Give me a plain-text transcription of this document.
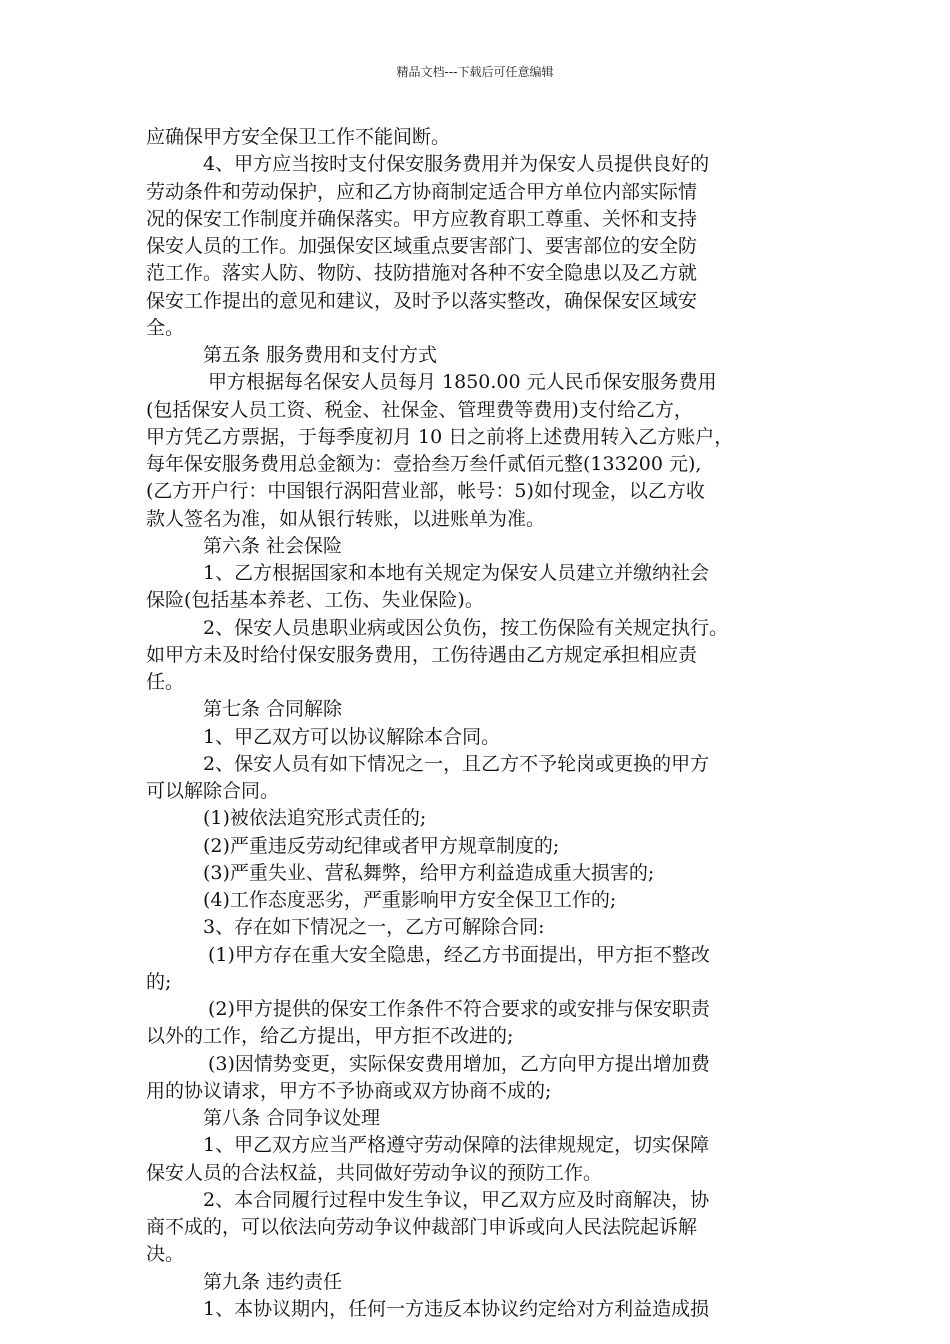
精品文档---下载后可任意编辑
应确保甲方安全保卫工作不能间断。
4、甲方应当按时支付保安服务费用并为保安人员提供良好的
劳动条件和劳动保护，应和乙方协商制定适合甲方单位内部实际情
况的保安工作制度并确保落实。甲方应教育职工尊重、关怀和支持
保安人员的工作。加强保安区域重点要害部门、要害部位的安全防
范工作。落实人防、物防、技防措施对各种不安全隐患以及乙方就
保安工作提出的意见和建议，及时予以落实整改，确保保安区域安
全。
第五条 服务费用和支付方式
甲方根据每名保安人员每月 1850.00 元人民币保安服务费用
(包括保安人员工资、税金、社保金、管理费等费用)支付给乙方，
甲方凭乙方票据，于每季度初月 10 日之前将上述费用转入乙方账户，
每年保安服务费用总金额为：壹拾叁万叁仟贰佰元整(133200 元),
(乙方开户行：中国银行涡阳营业部，帐号：5)如付现金，以乙方收
款人签名为准，如从银行转账，以进账单为准。
第六条 社会保险
1、乙方根据国家和本地有关规定为保安人员建立并缴纳社会
保险(包括基本养老、工伤、失业保险)。
2、保安人员患职业病或因公负伤，按工伤保险有关规定执行。
如甲方未及时给付保安服务费用，工伤待遇由乙方规定承担相应责
任。
第七条 合同解除
1、甲乙双方可以协议解除本合同。
2、保安人员有如下情况之一，且乙方不予轮岗或更换的甲方
可以解除合同。
(1)被依法追究形式责任的;
(2)严重违反劳动纪律或者甲方规章制度的;
(3)严重失业、营私舞弊，给甲方利益造成重大损害的;
(4)工作态度恶劣，严重影响甲方安全保卫工作的;
3、存在如下情况之一，乙方可解除合同:
(1)甲方存在重大安全隐患，经乙方书面提出，甲方拒不整改
的;
(2)甲方提供的保安工作条件不符合要求的或安排与保安职责
以外的工作，给乙方提出，甲方拒不改进的;
(3)因情势变更，实际保安费用增加，乙方向甲方提出增加费
用的协议请求，甲方不予协商或双方协商不成的;
第八条 合同争议处理
1、甲乙双方应当严格遵守劳动保障的法律规规定，切实保障
保安人员的合法权益，共同做好劳动争议的预防工作。
2、本合同履行过程中发生争议，甲乙双方应及时商解决，协
商不成的，可以依法向劳动争议仲裁部门申诉或向人民法院起诉解
决。
第九条 违约责任
1、本协议期内，任何一方违反本协议约定给对方利益造成损
